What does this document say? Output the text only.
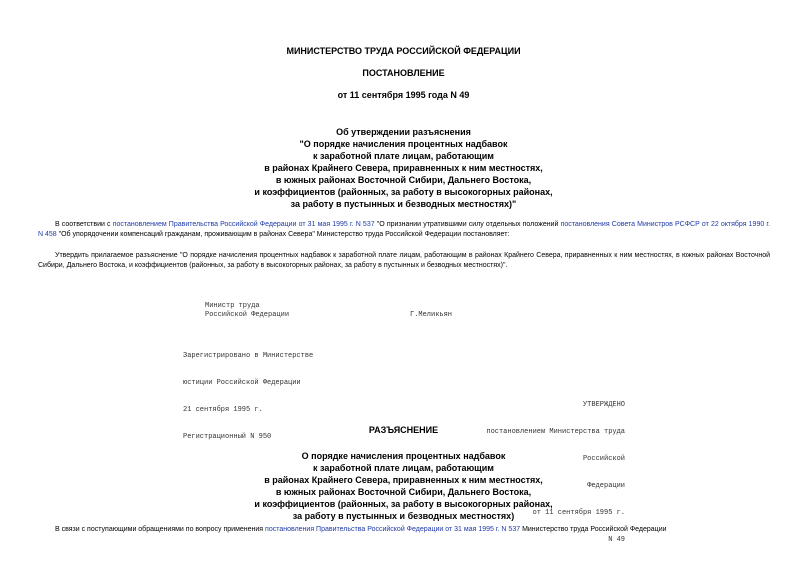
МИНИСТЕРСТВО ТРУДА РОССИЙСКОЙ ФЕДЕРАЦИИ
ПОСТАНОВЛЕНИЕ
от 11 сентября 1995 года N 49
Об утверждении разъяснения
"О порядке начисления процентных надбавок
к заработной плате лицам, работающим
в районах Крайнего Севера, приравненных к ним местностях,
в южных районах Восточной Сибири, Дальнего Востока,
и коэффициентов (районных, за работу в высокогорных районах,
за работу в пустынных и безводных местностях)"
В соответствии с постановлением Правительства Российской Федерации от 31 мая 1995 г. N 537 "О признании утратившими силу отдельных положений постановления Совета Министров РСФСР от 22 октября 1990 г. N 458 "Об упорядочении компенсаций гражданам, проживающим в районах Севера" Министерство труда Российской Федерации постановляет:
Утвердить прилагаемое разъяснение "О порядке начисления процентных надбавок к заработной плате лицам, работающим в районах Крайнего Севера, приравненных к ним местностях, в южных районах Восточной Сибири, Дальнего Востока, и коэффициентов (районных, за работу в высокогорных районах, за работу в пустынных и безводных местностях)".
Министр труда
Российской Федерации	Г.Меликьян

Зарегистрировано в Министерстве

юстиции Российской Федерации

21 сентября 1995 г.

Регистрационный N 950

УТВЕРЖДЕНО

постановлением Министерства труда

Российской

Федерации

от 11 сентября 1995 г.

N 49

РАЗЪЯСНЕНИЕ
О порядке начисления процентных надбавок
к заработной плате лицам, работающим
в районах Крайнего Севера, приравненных к ним местностях,
в южных районах Восточной Сибири, Дальнего Востока,
и коэффициентов (районных, за работу в высокогорных районах,
за работу в пустынных и безводных местностях)
В связи с поступающими обращениями по вопросу применения постановления Правительства Российской Федерации от 31 мая 1995 г. N 537 Министерство труда Российской Федерации
